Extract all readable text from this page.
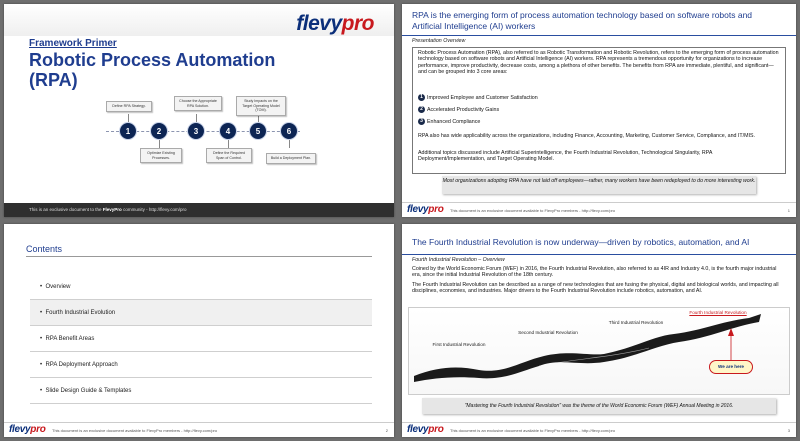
flevypro
Framework Primer
Robotic Process Automation (RPA)
Define RPA Strategy.
Choose the Appropriate RPA Solution.
Study Impacts on the Target Operating Model (TOM).
Optimize Existing Processes.
Define the Required Span of Control.	Build a Deployment Plan.
1	2	3	4	5	6
This is an exclusive document to the FlevyPro community - http://flevy.com/pro
RPA is the emerging form of process automation technology based on software robots and Artificial Intelligence (AI) workers
Presentation Overview
Robotic Process Automation (RPA), also referred to as Robotic Transformation and Robotic Revolution, refers to the emerging form of process automation technology based on software robots and Artificial Intelligence (AI) workers. RPA represents a tremendous opportunity for organizations to increase performance, improve productivity, decrease costs, among a plethora of other benefits. The benefits from RPA are immediate, plentiful, and significant—and can be grouped into 3 core areas:
1 Improved Employee and Customer Satisfaction
2 Accelerated Productivity Gains
3 Enhanced Compliance
RPA also has wide applicability across the organizations, including Finance, Accounting, Marketing, Customer Service, Compliance, and IT/MIS.
Additional topics discussed include Artificial Superintelligence, the Fourth Industrial Revolution, Technological Singularity, RPA Deployment/Implementation, and Target Operating Model.
Most organizations adopting RPA have not laid off employees—rather, many workers have been redeployed to do more interesting work.
flevypro This document is an exclusive document available to FlevyPro members - http://flevy.com/pro	1
Contents
•  Overview
•  Fourth Industrial Evolution
•  RPA Benefit Areas
•  RPA Deployment Approach
•  Slide Design Guide & Templates
flevypro This document is an exclusive document available to FlevyPro members - http://flevy.com/pro	2
The Fourth Industrial Revolution is now underway—driven by robotics, automation, and AI
Fourth Industrial Revolution – Overview
Coined by the World Economic Forum (WEF) in 2016, the Fourth Industrial Revolution, also referred to as 4IR and Industry 4.0, is the fourth major industrial era, since the initial Industrial Revolution of the 18th century.
The Fourth Industrial Revolution can be described as a range of new technologies that are fusing the physical, digital and biological worlds, and impacting all disciplines, economies, and industries. Major drivers to the Fourth Industrial Revolution include robotics, automation, and AI.
First Industrial Revolution
Second Industrial Revolution
Third Industrial Revolution
Fourth Industrial Revolution
We are here
"Mastering the Fourth Industrial Revolution" was the theme of the World Economic Forum (WEF) Annual Meeting in 2016.
flevypro This document is an exclusive document available to FlevyPro members - http://flevy.com/pro	3
